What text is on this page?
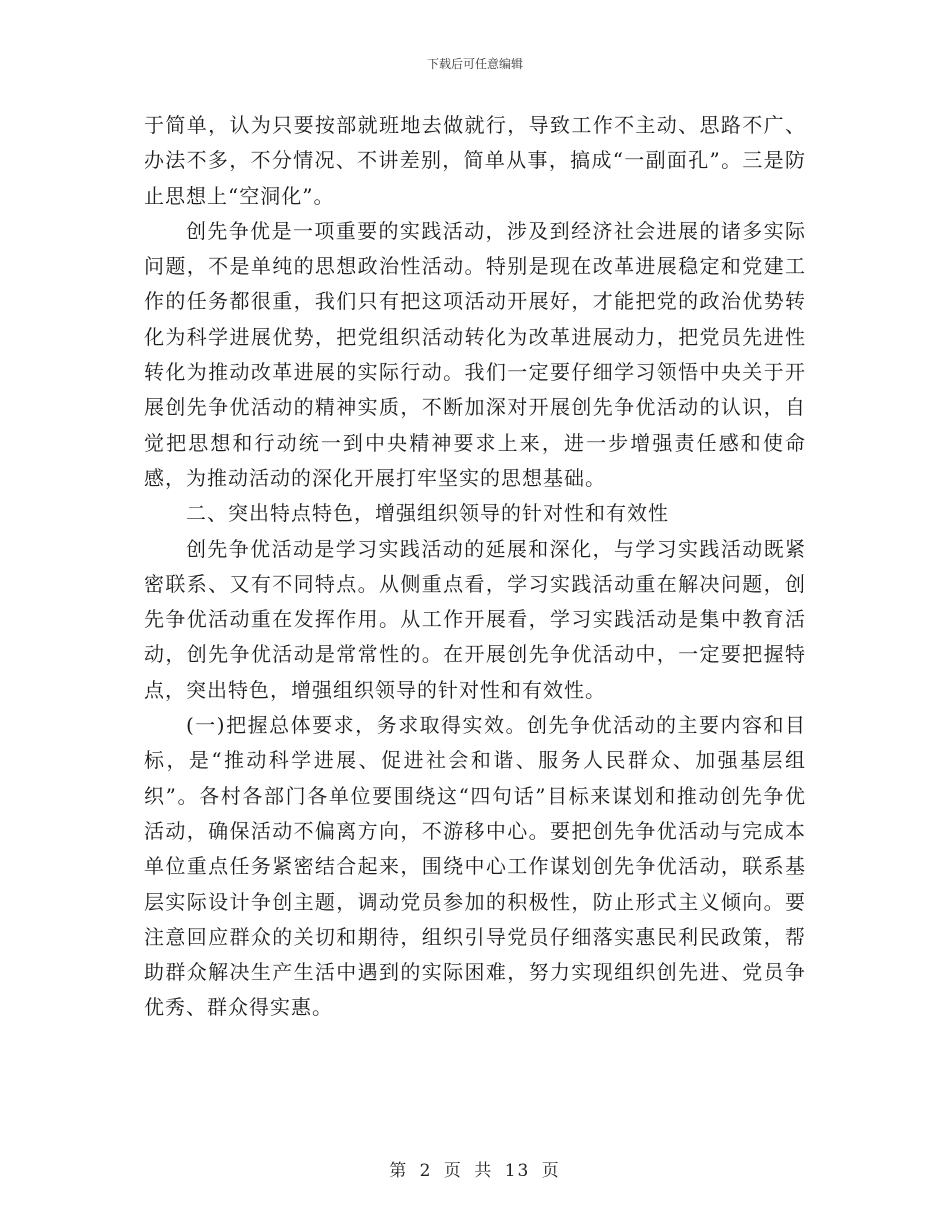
下载后可任意编辑

于简单，认为只要按部就班地去做就行，导致工作不主动、思路不广、办法不多，不分情况、不讲差别，简单从事，搞成“一副面孔”。三是防止思想上“空洞化”。

创先争优是一项重要的实践活动，涉及到经济社会进展的诸多实际问题，不是单纯的思想政治性活动。特别是现在改革进展稳定和党建工作的任务都很重，我们只有把这项活动开展好，才能把党的政治优势转化为科学进展优势，把党组织活动转化为改革进展动力，把党员先进性转化为推动改革进展的实际行动。我们一定要仔细学习领悟中央关于开展创先争优活动的精神实质，不断加深对开展创先争优活动的认识，自觉把思想和行动统一到中央精神要求上来，进一步增强责任感和使命感，为推动活动的深化开展打牢坚实的思想基础。

二、突出特点特色，增强组织领导的针对性和有效性

创先争优活动是学习实践活动的延展和深化，与学习实践活动既紧密联系、又有不同特点。从侧重点看，学习实践活动重在解决问题，创先争优活动重在发挥作用。从工作开展看，学习实践活动是集中教育活动，创先争优活动是常常性的。在开展创先争优活动中，一定要把握特点，突出特色，增强组织领导的针对性和有效性。

(一)把握总体要求，务求取得实效。创先争优活动的主要内容和目标，是“推动科学进展、促进社会和谐、服务人民群众、加强基层组织”。各村各部门各单位要围绕这“四句话”目标来谋划和推动创先争优活动，确保活动不偏离方向，不游移中心。要把创先争优活动与完成本单位重点任务紧密结合起来，围绕中心工作谋划创先争优活动，联系基层实际设计争创主题，调动党员参加的积极性，防止形式主义倾向。要注意回应群众的关切和期待，组织引导党员仔细落实惠民利民政策，帮助群众解决生产生活中遇到的实际困难，努力实现组织创先进、党员争优秀、群众得实惠。

第 2 页 共 13 页
